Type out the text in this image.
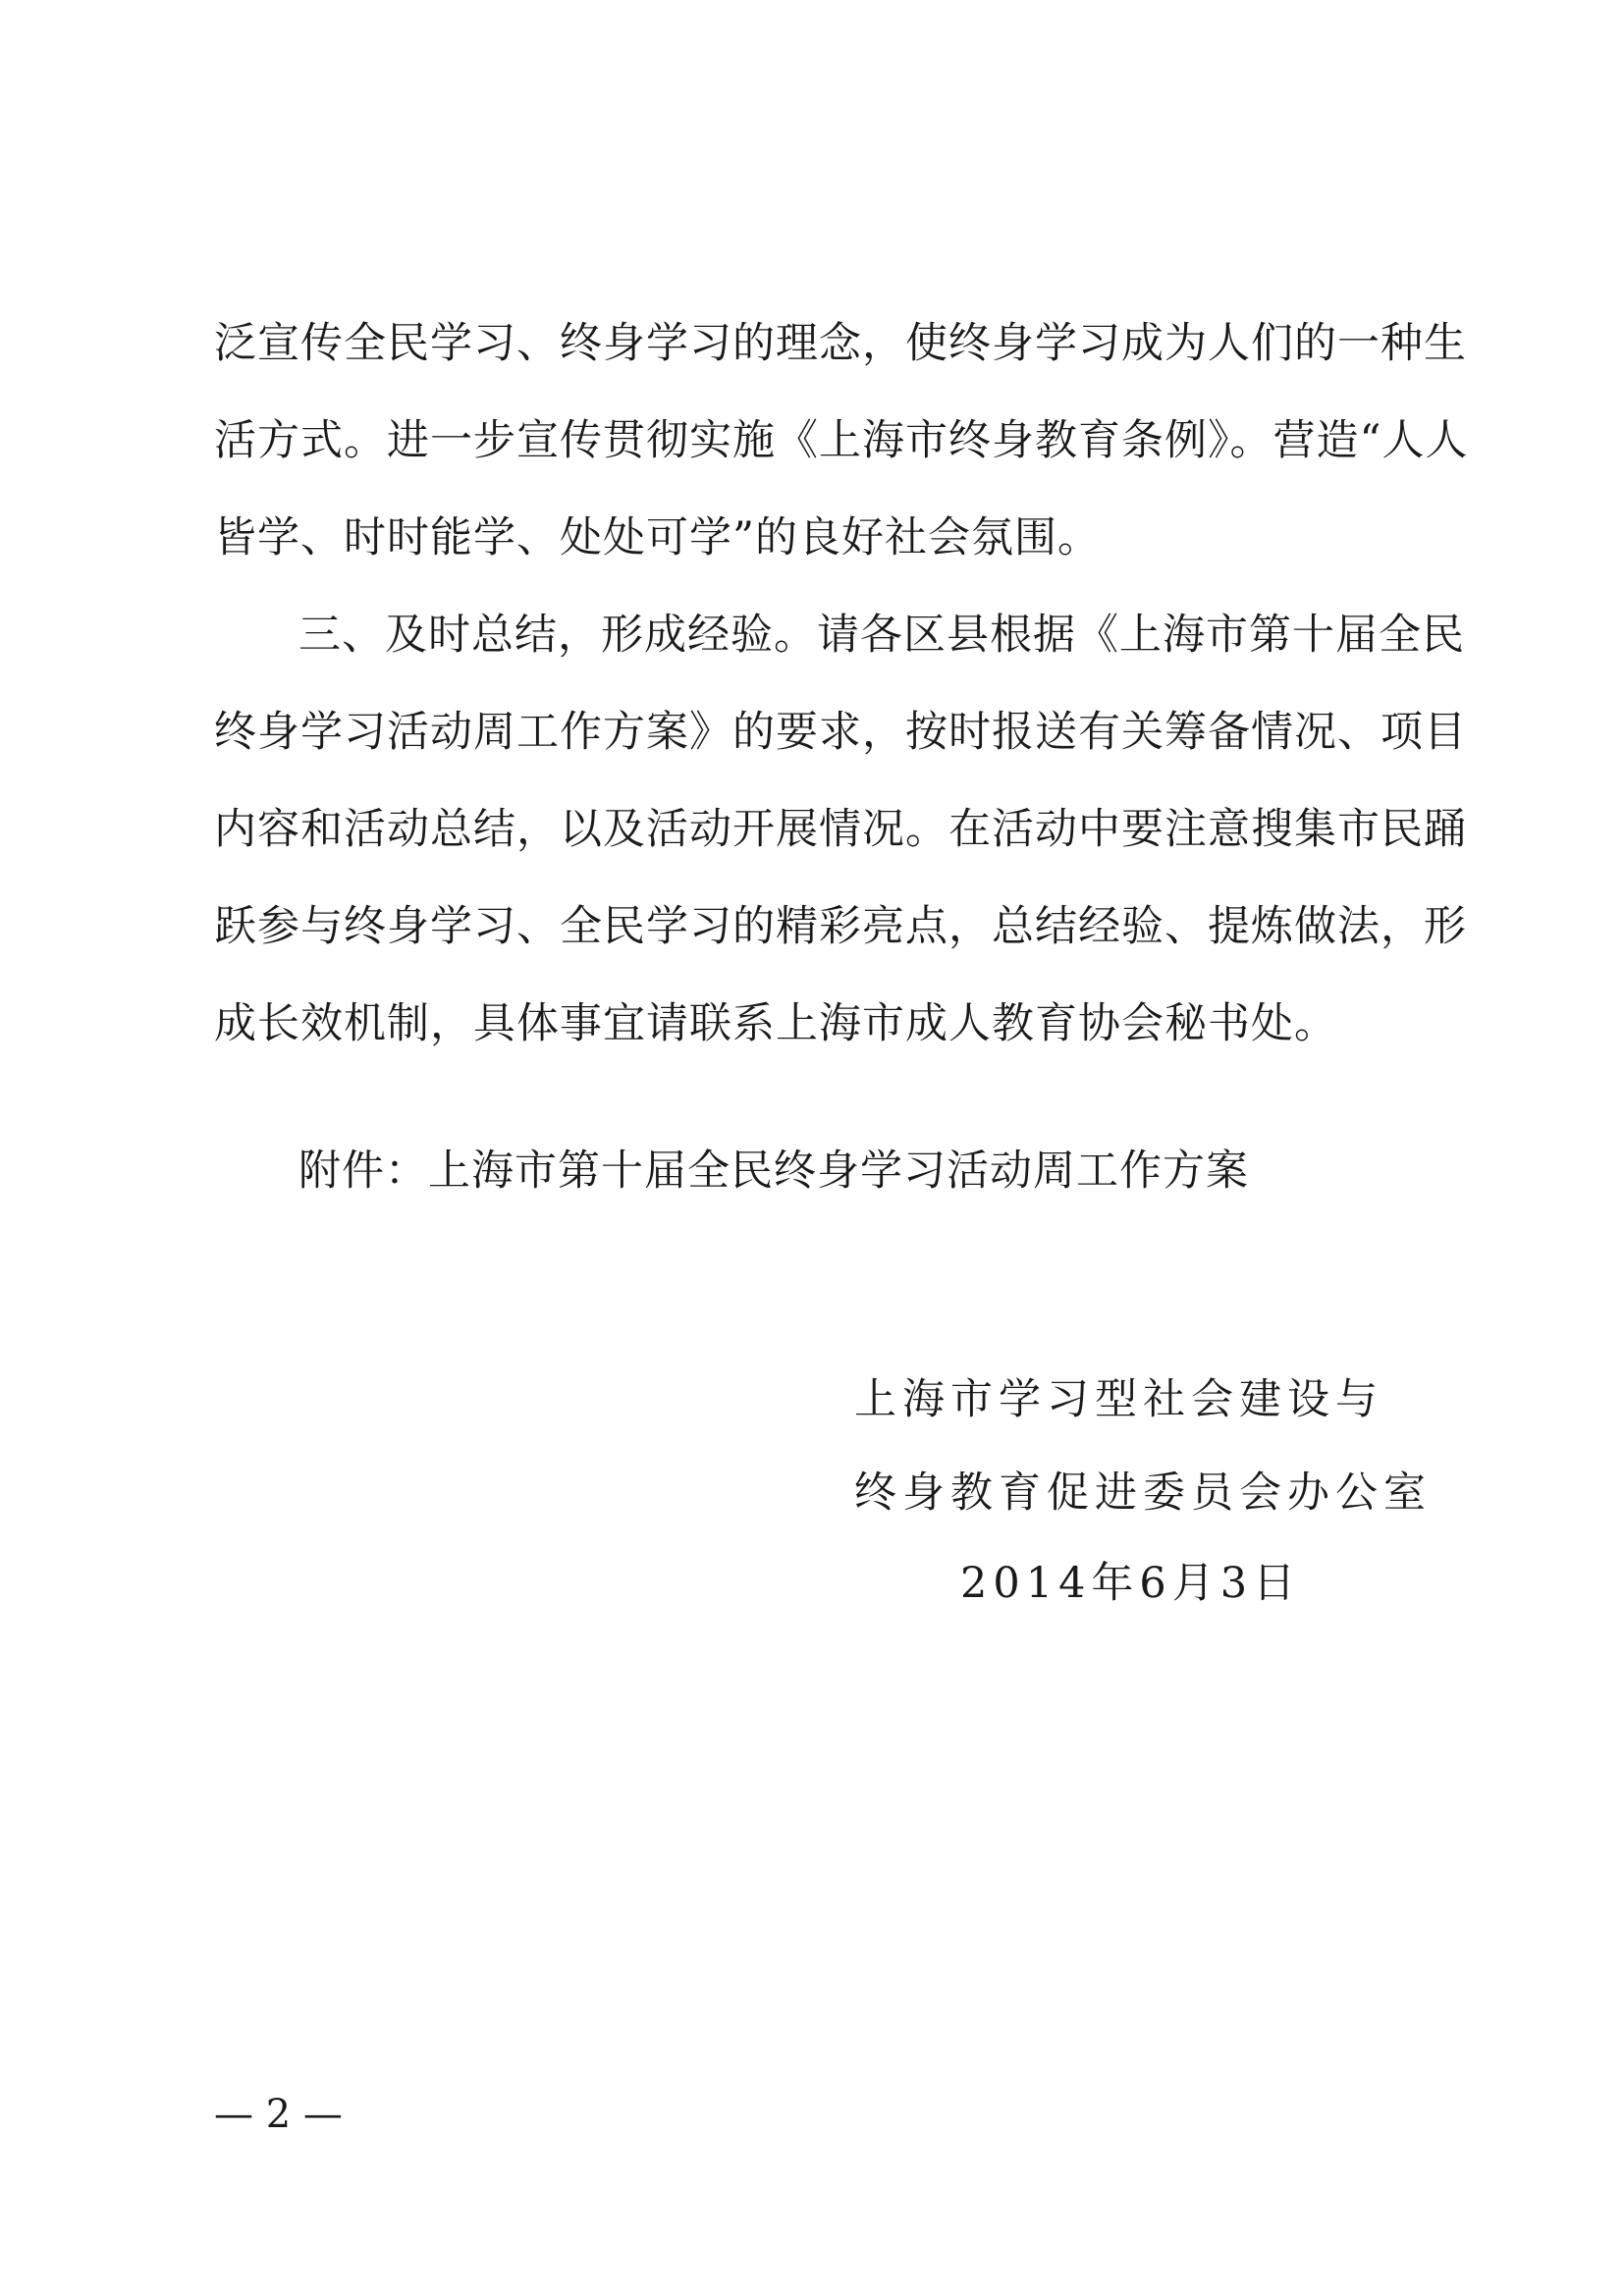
泛宣传全民学习、终身学习的理念，使终身学习成为人们的一种生
活方式。进一步宣传贯彻实施《上海市终身教育条例》。营造“人人
皆学、时时能学、处处可学”的良好社会氛围。
三、及时总结，形成经验。请各区县根据《上海市第十届全民
终身学习活动周工作方案》的要求，按时报送有关筹备情况、项目
内容和活动总结，以及活动开展情况。在活动中要注意搜集市民踊
跃参与终身学习、全民学习的精彩亮点，总结经验、提炼做法，形
成长效机制，具体事宜请联系上海市成人教育协会秘书处。
附件：上海市第十届全民终身学习活动周工作方案
上海市学习型社会建设与
终身教育促进委员会办公室
2014年6月3日
— 2 —
